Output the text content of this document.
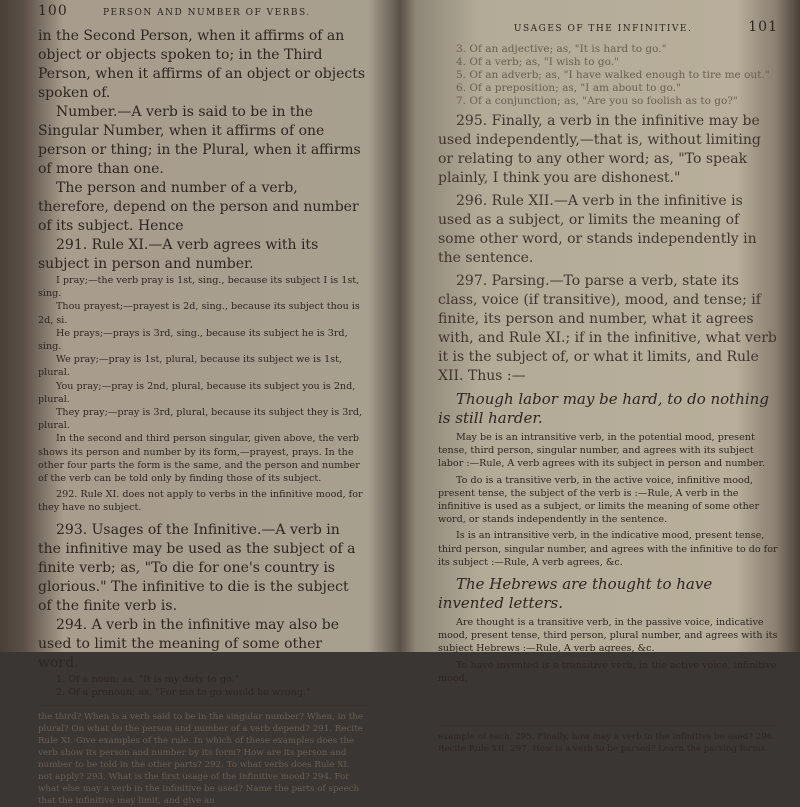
100	PERSON AND NUMBER OF VERBS.

in the Second Person, when it affirms of an object or objects spoken to; in the Third Person, when it affirms of an object or objects spoken of.

Number.—A verb is said to be in the Singular Number, when it affirms of one person or thing; in the Plural, when it affirms of more than one.

The person and number of a verb, therefore, depend on the person and number of its subject. Hence

291. Rule XI.—A verb agrees with its subject in person and number.

I pray;—the verb pray is 1st, sing., because its subject I is 1st, sing.

Thou prayest;—prayest is 2d, sing., because its subject thou is 2d, si.

He prays;—prays is 3rd, sing., because its subject he is 3rd, sing.

We pray;—pray is 1st, plural, because its subject we is 1st, plural.

You pray;—pray is 2nd, plural, because its subject you is 2nd, plural.

They pray;—pray is 3rd, plural, because its subject they is 3rd, plural.

In the second and third person singular, given above, the verb shows its person and number by its form,—prayest, prays. In the other four parts the form is the same, and the person and number of the verb can be told only by finding those of its subject.

292. Rule XI. does not apply to verbs in the infinitive mood, for they have no subject.

293. Usages of the Infinitive.—A verb in the infinitive may be used as the subject of a finite verb; as, "To die for one's country is glorious." The infinitive to die is the subject of the finite verb is.

294. A verb in the infinitive may also be used to limit the meaning of some other word.

1. Of a noun; as, "It is my duty to go."

2. Of a pronoun; as, "For me to go would be wrong."

the third? When is a verb said to be in the singular number? When, in the plural? On what do the person and number of a verb depend? 291. Recite Rule XI. Give examples of the rule. In which of these examples does the verb show its person and number by its form? How are its person and number to be told in the other parts? 292. To what verbs does Rule XI. not apply? 293. What is the first usage of the infinitive mood? 294. For what else may a verb in the infinitive be used? Name the parts of speech that the infinitive may limit, and give an

USAGES OF THE INFINITIVE.	101

3. Of an adjective; as, "It is hard to go."

4. Of a verb; as, "I wish to go."

5. Of an adverb; as, "I have walked enough to tire me out."

6. Of a preposition; as, "I am about to go."

7. Of a conjunction; as, "Are you so foolish as to go?"

295. Finally, a verb in the infinitive may be used independently,—that is, without limiting or relating to any other word; as, "To speak plainly, I think you are dishonest."

296. Rule XII.—A verb in the infinitive is used as a subject, or limits the meaning of some other word, or stands independently in the sentence.

297. Parsing.—To parse a verb, state its class, voice (if transitive), mood, and tense; if finite, its person and number, what it agrees with, and Rule XI.; if in the infinitive, what verb it is the subject of, or what it limits, and Rule XII. Thus :—

Though labor may be hard, to do nothing is still harder.

May be is an intransitive verb, in the potential mood, present tense, third person, singular number, and agrees with its subject labor :—Rule, A verb agrees with its subject in person and number.

To do is a transitive verb, in the active voice, infinitive mood, present tense, the subject of the verb is :—Rule, A verb in the infinitive is used as a subject, or limits the meaning of some other word, or stands independently in the sentence.

Is is an intransitive verb, in the indicative mood, present tense, third person, singular number, and agrees with the infinitive to do for its subject :—Rule, A verb agrees, &c.

The Hebrews are thought to have invented letters.

Are thought is a transitive verb, in the passive voice, indicative mood, present tense, third person, plural number, and agrees with its subject Hebrews :—Rule, A verb agrees, &c.

To have invented is a transitive verb, in the active voice, infinitive mood,

example of each. 295. Finally, how may a verb in the infinitive be used? 296. Recite Rule XII. 297. How is a verb to be parsed? Learn the parsing forms.
